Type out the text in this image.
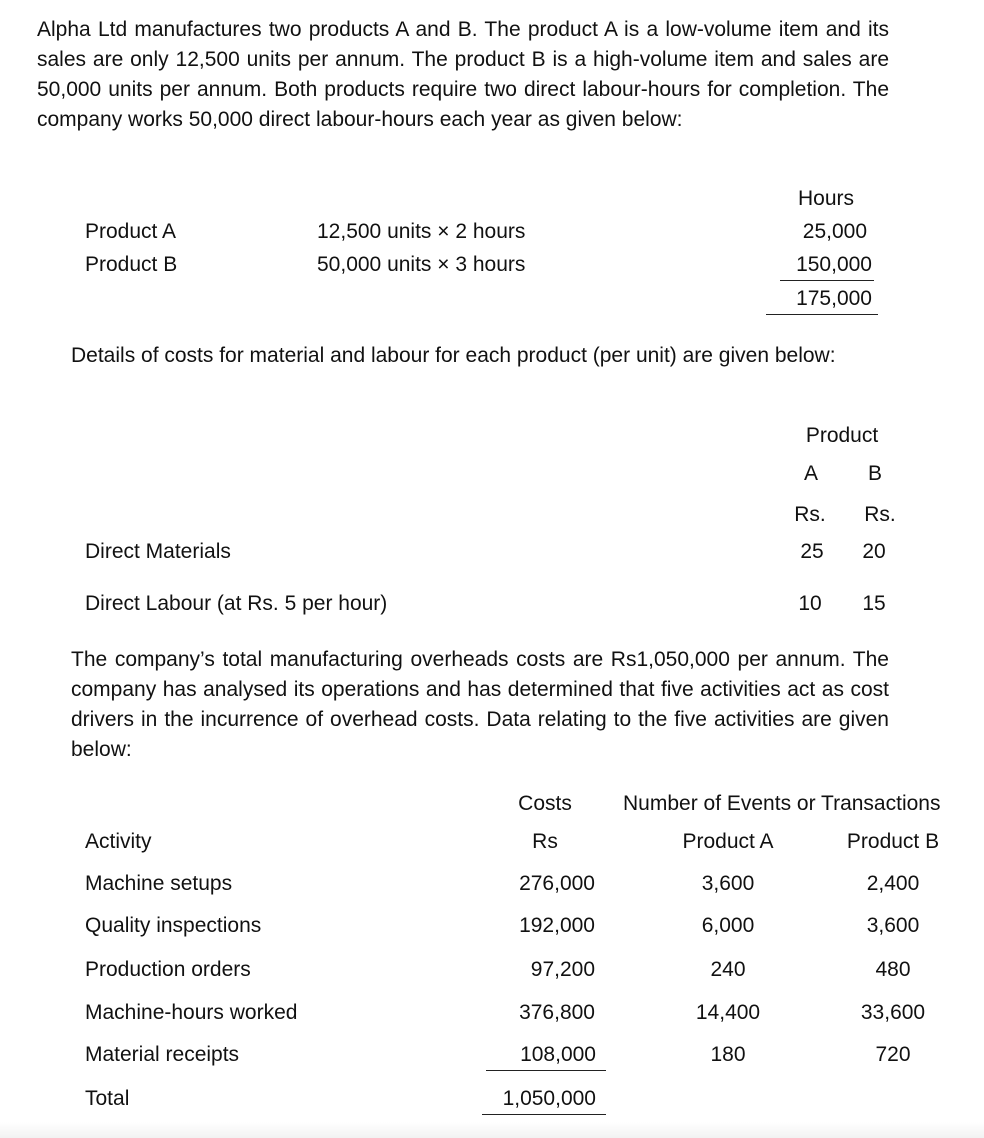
Alpha Ltd manufactures two products A and B. The product A is a low-volume item and its sales are only 12,500 units per annum. The product B is a high-volume item and sales are 50,000 units per annum. Both products require two direct labour-hours for completion. The company works 50,000 direct labour-hours each year as given below:
Hours
Product A	12,500 units × 2 hours	25,000
Product B	50,000 units × 3 hours	150,000
175,000
Details of costs for material and labour for each product (per unit) are given below:
Product
A	B
Rs. Rs.
Direct Materials	25	20
Direct Labour (at Rs. 5 per hour)	10	15
The company’s total manufacturing overheads costs are Rs1,050,000 per annum. The company has analysed its operations and has determined that five activities act as cost drivers in the incurrence of overhead costs. Data relating to the five activities are given below:
Costs	Number of Events or Transactions
Activity	Rs	Product A	Product B
Machine setups	276,000	3,600	2,400
Quality inspections	192,000	6,000	3,600
Production orders	97,200	240	480
Machine-hours worked	376,800	14,400	33,600
Material receipts	108,000	180	720
Total	1,050,000
